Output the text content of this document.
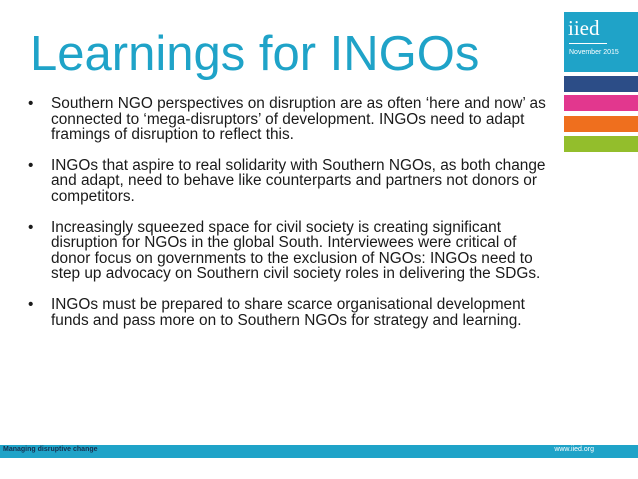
Learnings for INGOs	iied
November 2015
• Southern NGO perspectives on disruption are as often ‘here and now’ as connected to ‘mega-disruptors’ of development. INGOs need to adapt framings of disruption to reflect this.
• INGOs that aspire to real solidarity with Southern NGOs, as both change and adapt, need to behave like counterparts and partners not donors or competitors.
• Increasingly squeezed space for civil society is creating significant disruption for NGOs in the global South. Interviewees were critical of donor focus on governments to the exclusion of NGOs: INGOs need to step up advocacy on Southern civil society roles in delivering the SDGs.
• INGOs must be prepared to share scarce organisational development funds and pass more on to Southern NGOs for strategy and learning.
Managing disruptive change	www.iied.org
